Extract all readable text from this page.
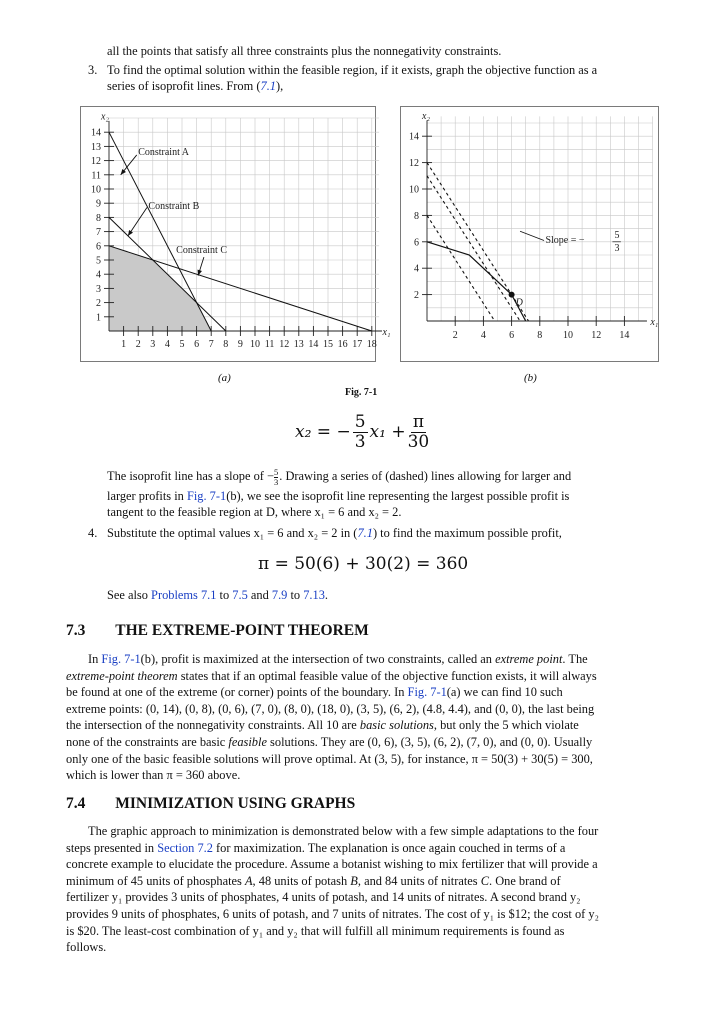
all the points that satisfy all three constraints plus the nonnegativity constraints.

3. To find the optimal solution within the feasible region, if it exists, graph the objective function as a

series of isoprofit lines. From (7.1),

1 2 3 4 5 6 7 8 9 10 11 12 13 14 15 16 17 18
1
2
3
4
5
6
7
8
9
10
11
12
13
14
x₂
x₁
Constraint A
Constraint B
Constraint C

(a)

2 4 6 8 10 12 14
2
4
6
8
10
12
14
x₂
x₁
D
Slope = −	5
3

(b)

Fig. 7-1

x₂ = − $\frac{5}{3} x_1 + \frac{\pi}{30}$

The isoprofit line has a slope of − $\frac{5}{3}$ . Drawing a series of (dashed) lines allowing for larger and

larger profits in Fig. 7-1(b), we see the isoprofit line representing the largest possible profit is

tangent to the feasible region at D, where x₁ = 6 and x₂ = 2.

4. Substitute the optimal values x₁ = 6 and x₂ = 2 in (7.1) to find the maximum possible profit,

π = 50(6) + 30(2) = 360

See also Problems 7.1 to 7.5 and 7.9 to 7.13.

7.3 THE EXTREME-POINT THEOREM
In Fig. 7-1(b), profit is maximized at the intersection of two constraints, called an extreme point. The
extreme-point theorem states that if an optimal feasible value of the objective function exists, it will always
be found at one of the extreme (or corner) points of the boundary. In Fig. 7-1(a) we can find 10 such
extreme points: (0, 14), (0, 8), (0, 6), (7, 0), (8, 0), (18, 0), (3, 5), (6, 2), (4.8, 4.4), and (0, 0), the last being
the intersection of the nonnegativity constraints. All 10 are basic solutions, but only the 5 which violate
none of the constraints are basic feasible solutions. They are (0, 6), (3, 5), (6, 2), (7, 0), and (0, 0). Usually
only one of the basic feasible solutions will prove optimal. At (3, 5), for instance, π = 50(3) + 30(5) = 300,
which is lower than π = 360 above.
7.4 MINIMIZATION USING GRAPHS
The graphic approach to minimization is demonstrated below with a few simple adaptations to the four
steps presented in Section 7.2 for maximization. The explanation is once again couched in terms of a
concrete example to elucidate the procedure. Assume a botanist wishing to mix fertilizer that will provide a
minimum of 45 units of phosphates A, 48 units of potash B, and 84 units of nitrates C. One brand of
fertilizer y₁ provides 3 units of phosphates, 4 units of potash, and 14 units of nitrates. A second brand y₂
provides 9 units of phosphates, 6 units of potash, and 7 units of nitrates. The cost of y₁ is $12; the cost of y₂
is $20. The least-cost combination of y₁ and y₂ that will fulfill all minimum requirements is found as
follows.
